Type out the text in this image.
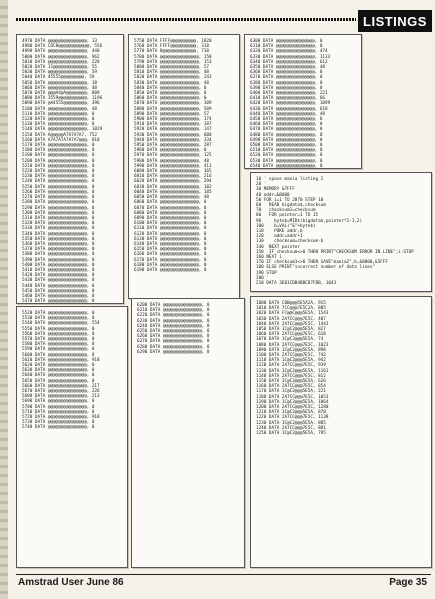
LISTINGS
4970 DATA @@@@@@@@@@@@@@@, 13
4980 DATA CDC8@@@@@@@@@@@@, 556
4990 DATA @@@@@@@@@@@@@@@, 440
5000 DATA @@@@@@@@@@@@@@@, 962
5010 DATA @@@@@@@@@@@@@@@, 228
5020 DATA 11@@@@@@@@@@@@@, 55
5030 DATA @@@@@@@@@@@@@@@, 59
5040 DATA 45555@@@@@@@@@, 59
5050 DATA @@@@@@@@@@@@@@@, 18
5060 DATA @@@@@@@@@@@@@@@, 48
5070 DATA @@@A4@A@@@@@@@@, 809
5080 DATA 3559@@@@@@@@@@@, 1196
5090 DATA @A4555@@@@@@@@@, 396
5100 DATA @@@@@@@@@@@@@@@, 48
5110 DATA @@@@@@@@@@@@@@@, 0
5120 DATA @@@@@@@@@@@@@@@, 0
5130 DATA @@@@@@@@@@@@@@@, 0
5140 DATA @@@@@@@@@@@@@@@, 1029
5150 DATA A@@@@@A7A7A7A7, 752
5160 DATA A7A7A7A7A7A7@@@, 818
5170 DATA @@@@@@@@@@@@@@@, 0
5180 DATA @@@@@@@@@@@@@@@, 0
5190 DATA @@@@@@@@@@@@@@@, 0
5200 DATA @@@@@@@@@@@@@@@, 0
5210 DATA @@@@@@@@@@@@@@@, 0
5220 DATA @@@@@@@@@@@@@@@, 0
5230 DATA @@@@@@@@@@@@@@@, 0
5240 DATA @@@@@@@@@@@@@@@, 0
5250 DATA @@@@@@@@@@@@@@@, 0
5260 DATA @@@@@@@@@@@@@@@, 0
5270 DATA @@@@@@@@@@@@@@@, 0
5280 DATA @@@@@@@@@@@@@@@, 0
5290 DATA @@@@@@@@@@@@@@@, 0
5300 DATA @@@@@@@@@@@@@@@, 0
5310 DATA @@@@@@@@@@@@@@@, 0
5320 DATA @@@@@@@@@@@@@@@, 0
5330 DATA @@@@@@@@@@@@@@@, 0
5340 DATA @@@@@@@@@@@@@@@, 0
5350 DATA @@@@@@@@@@@@@@@, 0
5360 DATA @@@@@@@@@@@@@@@, 0
5370 DATA @@@@@@@@@@@@@@@, 0
5380 DATA @@@@@@@@@@@@@@@, 0
5390 DATA @@@@@@@@@@@@@@@, 0
5400 DATA @@@@@@@@@@@@@@@, 0
5410 DATA @@@@@@@@@@@@@@@, 0
5420 DATA @@@@@@@@@@@@@@@, 0
5430 DATA @@@@@@@@@@@@@@@, 0
5440 DATA @@@@@@@@@@@@@@@, 0
5450 DATA @@@@@@@@@@@@@@@, 0
5460 DATA @@@@@@@@@@@@@@@, 0
5470 DATA @@@@@@@@@@@@@@@, 0
5750 DATA FFFF@@@@@@@@@@, 1020
5760 DATA FFFF@@@@@@@@@@, 318
5770 DATA 8@@@@@@@@@@@@@, 710
5780 DATA @@@@@@@@@@@@@@@, 150
5790 DATA @@@@@@@@@@@@@@@, 153
5800 DATA @@@@@@@@@@@@@@@, 57
5810 DATA @@@@@@@@@@@@@@@, 48
5820 DATA @@@@@@@@@@@@@@@, 243
5830 DATA @@@@@@@@@@@@@@@, 48
5840 DATA @@@@@@@@@@@@@@@, 0
5850 DATA @@@@@@@@@@@@@@@, 0
5860 DATA @@@@@@@@@@@@@@@, 0
5870 DATA @@@@@@@@@@@@@@@, 109
5880 DATA @@@@@@@@@@@@@@@, 509
5890 DATA @@@@@@@@@@@@@@@, 57
5900 DATA @@@@@@@@@@@@@@@, 174
5910 DATA @@@@@@@@@@@@@@@, 187
5920 DATA @@@@@@@@@@@@@@@, 147
5930 DATA @@@@@@@@@@@@@@@, 600
5940 DATA @@@@@@@@@@@@@@@, 334
5950 DATA @@@@@@@@@@@@@@@, 287
5960 DATA @@@@@@@@@@@@@@@, 0
5970 DATA @@@@@@@@@@@@@@@, 125
5980 DATA @@@@@@@@@@@@@@@, 48
5990 DATA @@@@@@@@@@@@@@@, 411
6000 DATA @@@@@@@@@@@@@@@, 165
6010 DATA @@@@@@@@@@@@@@@, 216
6020 DATA @@@@@@@@@@@@@@@, 294
6030 DATA @@@@@@@@@@@@@@@, 182
6040 DATA @@@@@@@@@@@@@@@, 185
6050 DATA @@@@@@@@@@@@@@@, 48
6060 DATA @@@@@@@@@@@@@@@, 0
6070 DATA @@@@@@@@@@@@@@@, 0
6080 DATA @@@@@@@@@@@@@@@, 0
6090 DATA @@@@@@@@@@@@@@@, 0
6100 DATA @@@@@@@@@@@@@@@, 0
6110 DATA @@@@@@@@@@@@@@@, 0
6120 DATA @@@@@@@@@@@@@@@, 0
6130 DATA @@@@@@@@@@@@@@@, 0
6140 DATA @@@@@@@@@@@@@@@, 0
6150 DATA @@@@@@@@@@@@@@@, 0
6160 DATA @@@@@@@@@@@@@@@, 0
6170 DATA @@@@@@@@@@@@@@@, 0
6180 DATA @@@@@@@@@@@@@@@, 0
6190 DATA @@@@@@@@@@@@@@@, 0
6300 DATA @@@@@@@@@@@@@@@, 0
6310 DATA @@@@@@@@@@@@@@@, 0
6320 DATA @@@@@@@@@@@@@@@, 474
6330 DATA @@@@@@@@@@@@@@@, 1133
6340 DATA @@@@@@@@@@@@@@@, 612
6350 DATA @@@@@@@@@@@@@@@, 48
6360 DATA @@@@@@@@@@@@@@@, 0
6370 DATA @@@@@@@@@@@@@@@, 0
6380 DATA @@@@@@@@@@@@@@@, 0
6390 DATA @@@@@@@@@@@@@@@, 0
6400 DATA @@@@@@@@@@@@@@@, 221
6410 DATA @@@@@@@@@@@@@@@, 66
6420 DATA @@@@@@@@@@@@@@@, 1099
6430 DATA @@@@@@@@@@@@@@@, 618
6440 DATA @@@@@@@@@@@@@@@, 48
6450 DATA @@@@@@@@@@@@@@@, 0
6460 DATA @@@@@@@@@@@@@@@, 0
6470 DATA @@@@@@@@@@@@@@@, 0
6480 DATA @@@@@@@@@@@@@@@, 0
6490 DATA @@@@@@@@@@@@@@@, 0
6500 DATA @@@@@@@@@@@@@@@, 0
6510 DATA @@@@@@@@@@@@@@@, 0
6520 DATA @@@@@@@@@@@@@@@, 0
6530 DATA @@@@@@@@@@@@@@@, 0
6540 DATA @@@@@@@@@@@@@@@, 0
10 ' space mania listing 2
20 '
30 MEMORY &7FFF
40 addr=&8000
50 FOR i=1 TO 2870 STEP 10
60   READ bigdata$,checksum
70   checksum1=checksum
80   FOR pointer=1 TO 15
90     byte$=MID$(bigdata$,pointer*2-1,2)
100    b=VAL("&"+byte$)
110    POKE addr,b
120    addr=addr+1
130    checksum=checksum-b
140  NEXT pointer
150  IF checksum<>0 THEN PRINT"CHECKSUM ERROR IN LINE";i:STOP
160 NEXT i
170 IF checksum1<>0 THEN SAVE"mania2",b,&8000,&5FFF
180 ELSE PRINT"incorrect number of data lines"
190 STOP
200 '
210 DATA 3E01CDB4BBCD7FBB, 1043
5520 DATA @@@@@@@@@@@@@@@, 0
5530 DATA @@@@@@@@@@@@@@@, 0
5540 DATA @@@@@@@@@@@@@@@, 554
5550 DATA @@@@@@@@@@@@@@@, 0
5560 DATA @@@@@@@@@@@@@@@, 0
5570 DATA @@@@@@@@@@@@@@@, 0
5580 DATA @@@@@@@@@@@@@@@, 0
5590 DATA @@@@@@@@@@@@@@@, 0
5600 DATA @@@@@@@@@@@@@@@, 0
5610 DATA @@@@@@@@@@@@@@@, 918
5620 DATA @@@@@@@@@@@@@@@, 0
5630 DATA @@@@@@@@@@@@@@@, 0
5640 DATA @@@@@@@@@@@@@@@, 0
5650 DATA @@@@@@@@@@@@@@@, 0
5660 DATA @@@@@@@@@@@@@@@, 217
5670 DATA @@@@@@@@@@@@@@@, 226
5680 DATA @@@@@@@@@@@@@@@, 213
5690 DATA @@@@@@@@@@@@@@@, 0
5700 DATA @@@@@@@@@@@@@@@, 0
5710 DATA @@@@@@@@@@@@@@@, 0
5720 DATA @@@@@@@@@@@@@@@, 918
5730 DATA @@@@@@@@@@@@@@@, 0
5740 DATA @@@@@@@@@@@@@@@, 0
6200 DATA @@@@@@@@@@@@@@@, 0
6210 DATA @@@@@@@@@@@@@@@, 0
6220 DATA @@@@@@@@@@@@@@@, 0
6230 DATA @@@@@@@@@@@@@@@, 0
6240 DATA @@@@@@@@@@@@@@@, 0
6250 DATA @@@@@@@@@@@@@@@, 0
6260 DATA @@@@@@@@@@@@@@@, 0
6270 DATA @@@@@@@@@@@@@@@, 0
6280 DATA @@@@@@@@@@@@@@@, 0
6290 DATA @@@@@@@@@@@@@@@, 0
1000 DATA C0B@@@5E5A2A, 915
1010 DATA 7CC@@@7E5C2A, 885
1020 DATA FC@@C@@@5E5A, 1543
1030 DATA 2A7CC@@@7E5C, 487
1040 DATA 2A7CC@@@7E5C, 1443
1050 DATA 1C@C2@@@5E5A, 827
1060 DATA 2A7CC@@@7E5C, 618
1070 DATA 1C@C2@@@5E5A, 74
1080 DATA 2A7CC@@@7E5C, 1023
1090 DATA 1C@C2@@@5E5A, 898
1100 DATA 2A7CC@@@7E5C, 742
1110 DATA 1C@C2@@@5E5A, 942
1120 DATA 2A7CC@@@7E5C, 939
1130 DATA 1C@C2@@@5E5A, 1161
1140 DATA 2A7CC@@@7E5C, 812
1150 DATA 1C@C2@@@5E5A, 626
1160 DATA 2A7CC@@@7E5C, 854
1170 DATA 1C@C2@@@5E5A, 221
1180 DATA 2A7CC@@@7E5C, 1053
1190 DATA 1C@C2@@@5E5A, 1064
1200 DATA 2A7CC@@@7E5C, 1280
1210 DATA 1C@C2@@@5E5A, 870
1220 DATA 2A7CC@@@7E5C, 1138
1230 DATA 1C@C2@@@5E5A, 885
1240 DATA 2A7CC@@@7E5C, 881
1250 DATA 1C@C2@@@5E5A, 795
Amstrad User June 86	Page 35
